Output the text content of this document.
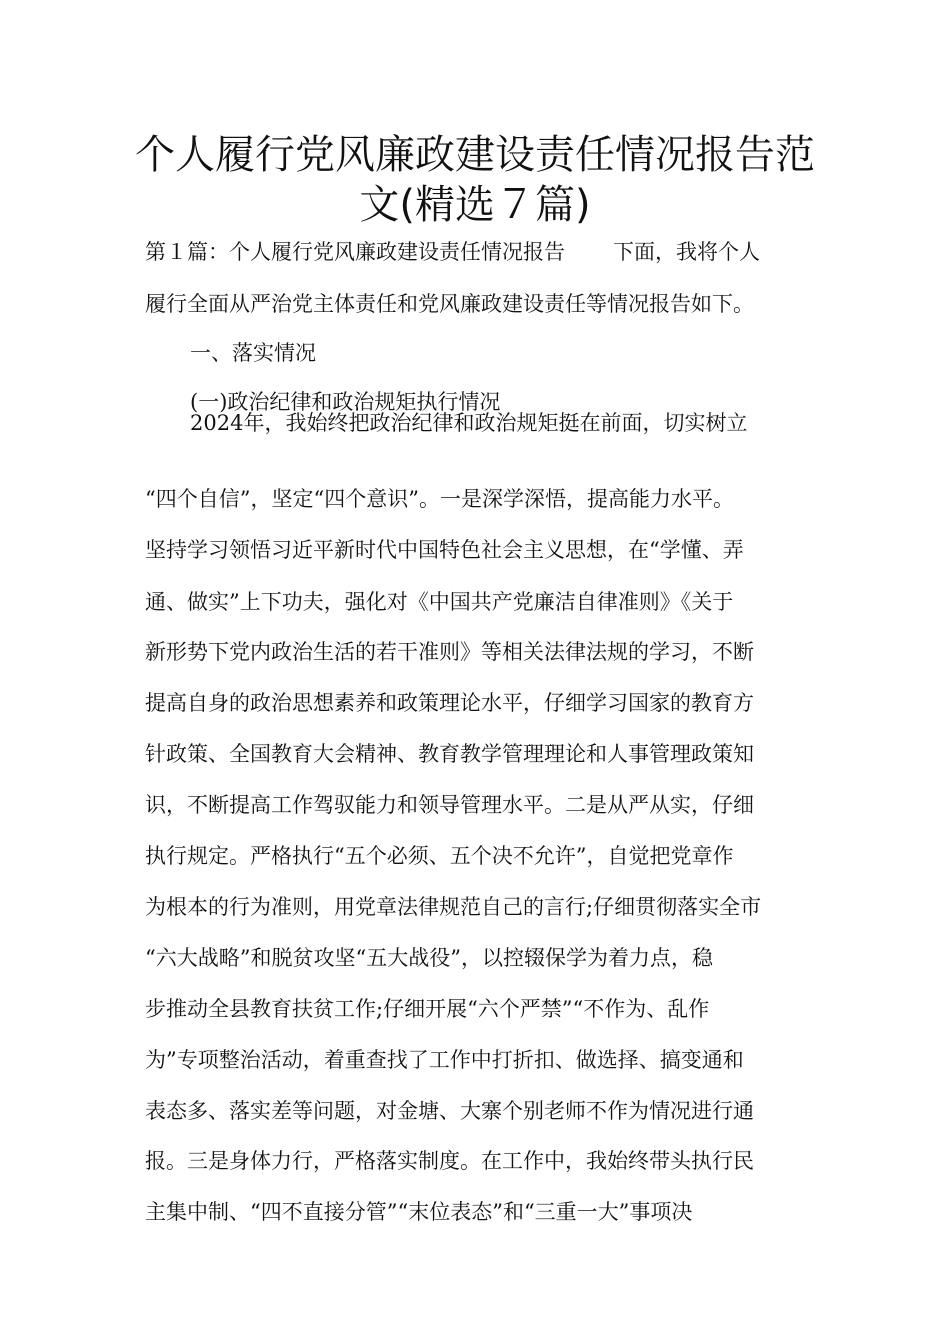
个人履行党风廉政建设责任情况报告范
文(精选７篇)
第１篇：个人履行党风廉政建设责任情况报告 下面，我将个人
履行全面从严治党主体责任和党风廉政建设责任等情况报告如下。
一、落实情况
(一)政治纪律和政治规矩执行情况
2024年，我始终把政治纪律和政治规矩挺在前面，切实树立
“四个自信”，坚定“四个意识”。一是深学深悟，提高能力水平。
坚持学习领悟习近平新时代中国特色社会主义思想，在“学懂、弄
通、做实”上下功夫，强化对《中国共产党廉洁自律准则》《关于
新形势下党内政治生活的若干准则》等相关法律法规的学习，不断
提高自身的政治思想素养和政策理论水平，仔细学习国家的教育方
针政策、全国教育大会精神、教育教学管理理论和人事管理政策知
识，不断提高工作驾驭能力和领导管理水平。二是从严从实，仔细
执行规定。严格执行“五个必须、五个决不允许”，自觉把党章作
为根本的行为准则，用党章法律规范自己的言行;仔细贯彻落实全市
“六大战略”和脱贫攻坚“五大战役”，以控辍保学为着力点，稳
步推动全县教育扶贫工作;仔细开展“六个严禁”“不作为、乱作
为”专项整治活动，着重查找了工作中打折扣、做选择、搞变通和
表态多、落实差等问题，对金塘、大寨个别老师不作为情况进行通
报。三是身体力行，严格落实制度。在工作中，我始终带头执行民
主集中制、“四不直接分管”“末位表态”和“三重一大”事项决
